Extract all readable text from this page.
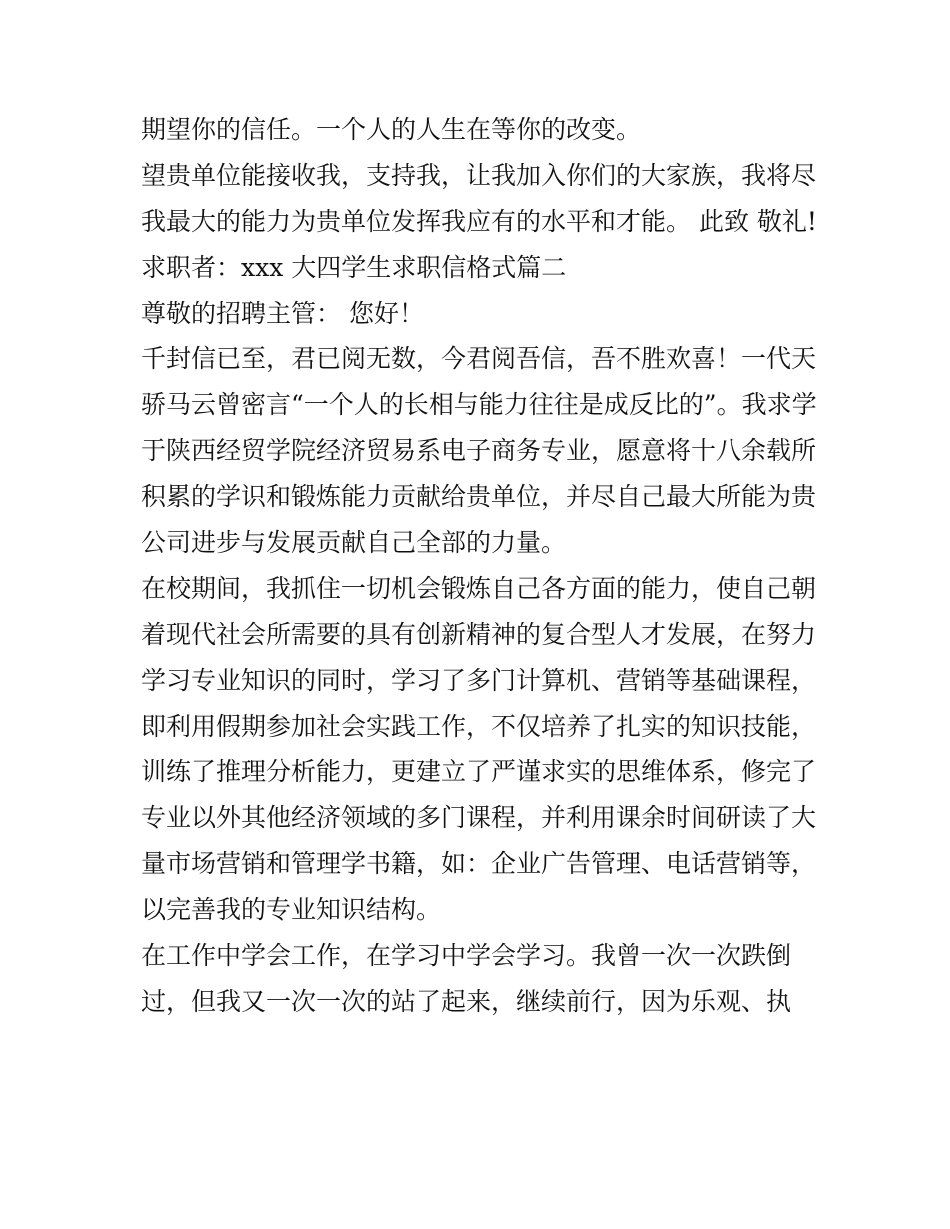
期望你的信任。一个人的人生在等你的改变。
望贵单位能接收我，支持我，让我加入你们的大家族，我将尽
我最大的能力为贵单位发挥我应有的水平和才能。 此致 敬礼!
求职者：xxx 大四学生求职信格式篇二
尊敬的招聘主管： 您好！
千封信已至，君已阅无数，今君阅吾信，吾不胜欢喜！一代天
骄马云曾密言“一个人的长相与能力往往是成反比的”。我求学
于陕西经贸学院经济贸易系电子商务专业，愿意将十八余载所
积累的学识和锻炼能力贡献给贵单位，并尽自己最大所能为贵
公司进步与发展贡献自己全部的力量。
在校期间，我抓住一切机会锻炼自己各方面的能力，使自己朝
着现代社会所需要的具有创新精神的复合型人才发展，在努力
学习专业知识的同时，学习了多门计算机、营销等基础课程，
即利用假期参加社会实践工作，不仅培养了扎实的知识技能，
训练了推理分析能力，更建立了严谨求实的思维体系，修完了
专业以外其他经济领域的多门课程，并利用课余时间研读了大
量市场营销和管理学书籍，如：企业广告管理、电话营销等，
以完善我的专业知识结构。
在工作中学会工作，在学习中学会学习。我曾一次一次跌倒
过，但我又一次一次的站了起来，继续前行，因为乐观、执
